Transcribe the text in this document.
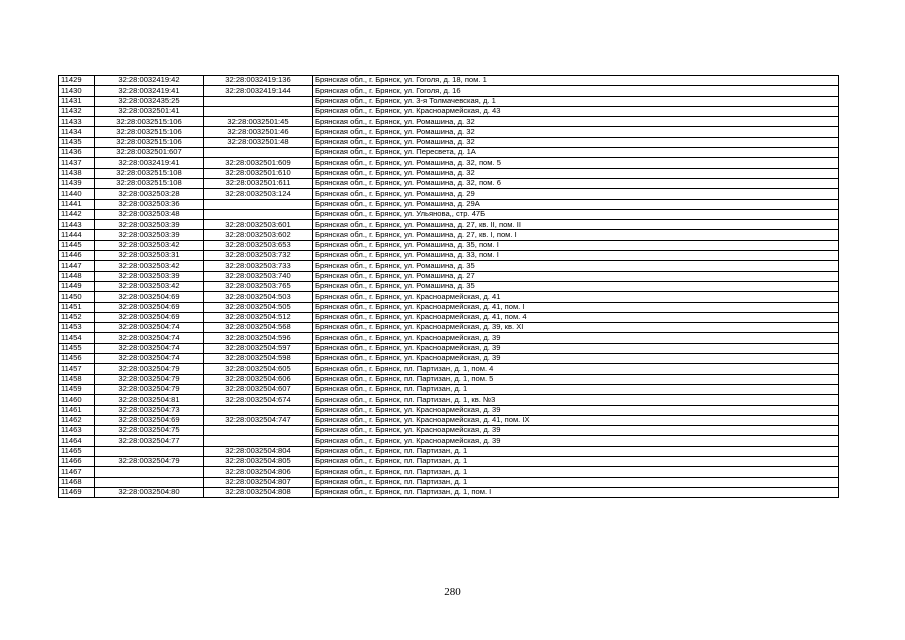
11429	32:28:0032419:42	32:28:0032419:136	Брянская обл., г. Брянск, ул. Гоголя, д. 18, пом. 1
11430	32:28:0032419:41	32:28:0032419:144	Брянская обл., г. Брянск, ул. Гоголя, д. 16
11431	32:28:0032435:25		Брянская обл., г. Брянск, ул. 3-я Толмачевская, д. 1
11432	32:28:0032501:41		Брянская обл., г. Брянск, ул. Красноармейская, д. 43
11433	32:28:0032515:106	32:28:0032501:45	Брянская обл., г. Брянск, ул. Ромашина, д. 32
11434	32:28:0032515:106	32:28:0032501:46	Брянская обл., г. Брянск, ул. Ромашина, д. 32
11435	32:28:0032515:106	32:28:0032501:48	Брянская обл., г. Брянск, ул. Ромашина, д. 32
11436	32:28:0032501:607		Брянская обл., г. Брянск, ул. Пересвета, д. 1А
11437	32:28:0032419:41	32:28:0032501:609	Брянская обл., г. Брянск, ул. Ромашина, д. 32, пом. 5
11438	32:28:0032515:108	32:28:0032501:610	Брянская обл., г. Брянск, ул. Ромашина, д. 32
11439	32:28:0032515:108	32:28:0032501:611	Брянская обл., г. Брянск, ул. Ромашина, д. 32, пом. 6
11440	32:28:0032503:28	32:28:0032503:124	Брянская обл., г. Брянск, ул. Ромашина, д. 29
11441	32:28:0032503:36		Брянская обл., г. Брянск, ул. Ромашина, д. 29А
11442	32:28:0032503:48		Брянская обл., г. Брянск, ул. Ульянова,, стр. 47Б
11443	32:28:0032503:39	32:28:0032503:601	Брянская обл., г. Брянск, ул. Ромашина, д. 27, кв. II, пом. II
11444	32:28:0032503:39	32:28:0032503:602	Брянская обл., г. Брянск, ул. Ромашина, д. 27, кв. I, пом. I
11445	32:28:0032503:42	32:28:0032503:653	Брянская обл., г. Брянск, ул. Ромашина, д. 35, пом. I
11446	32:28:0032503:31	32:28:0032503:732	Брянская обл., г. Брянск, ул. Ромашина, д. 33, пом. I
11447	32:28:0032503:42	32:28:0032503:733	Брянская обл., г. Брянск, ул. Ромашина, д. 35
11448	32:28:0032503:39	32:28:0032503:740	Брянская обл., г. Брянск, ул. Ромашина, д. 27
11449	32:28:0032503:42	32:28:0032503:765	Брянская обл., г. Брянск, ул. Ромашина, д. 35
11450	32:28:0032504:69	32:28:0032504:503	Брянская обл., г. Брянск, ул. Красноармейская, д. 41
11451	32:28:0032504:69	32:28:0032504:505	Брянская обл., г. Брянск, ул. Красноармейская, д. 41, пом. I
11452	32:28:0032504:69	32:28:0032504:512	Брянская обл., г. Брянск, ул. Красноармейская, д. 41, пом. 4
11453	32:28:0032504:74	32:28:0032504:568	Брянская обл., г. Брянск, ул. Красноармейская, д. 39, кв. XI
11454	32:28:0032504:74	32:28:0032504:596	Брянская обл., г. Брянск, ул. Красноармейская, д. 39
11455	32:28:0032504:74	32:28:0032504:597	Брянская обл., г. Брянск, ул. Красноармейская, д. 39
11456	32:28:0032504:74	32:28:0032504:598	Брянская обл., г. Брянск, ул. Красноармейская, д. 39
11457	32:28:0032504:79	32:28:0032504:605	Брянская обл., г. Брянск, пл. Партизан, д. 1, пом. 4
11458	32:28:0032504:79	32:28:0032504:606	Брянская обл., г. Брянск, пл. Партизан, д. 1, пом. 5
11459	32:28:0032504:79	32:28:0032504:607	Брянская обл., г. Брянск, пл. Партизан, д. 1
11460	32:28:0032504:81	32:28:0032504:674	Брянская обл., г. Брянск, пл. Партизан, д. 1, кв. №3
11461	32:28:0032504:73		Брянская обл., г. Брянск, ул. Красноармейская, д. 39
11462	32:28:0032504:69	32:28:0032504:747	Брянская обл., г. Брянск, ул. Красноармейская, д. 41, пом. IX
11463	32:28:0032504:75		Брянская обл., г. Брянск, ул. Красноармейская, д. 39
11464	32:28:0032504:77		Брянская обл., г. Брянск, ул. Красноармейская, д. 39
11465		32:28:0032504:804	Брянская обл., г. Брянск, пл. Партизан, д. 1
11466	32:28:0032504:79	32:28:0032504:805	Брянская обл., г. Брянск, пл. Партизан, д. 1
11467		32:28:0032504:806	Брянская обл., г. Брянск, пл. Партизан, д. 1
11468		32:28:0032504:807	Брянская обл., г. Брянск, пл. Партизан, д. 1
11469	32:28:0032504:80	32:28:0032504:808	Брянская обл., г. Брянск, пл. Партизан, д. 1, пом. I
280
